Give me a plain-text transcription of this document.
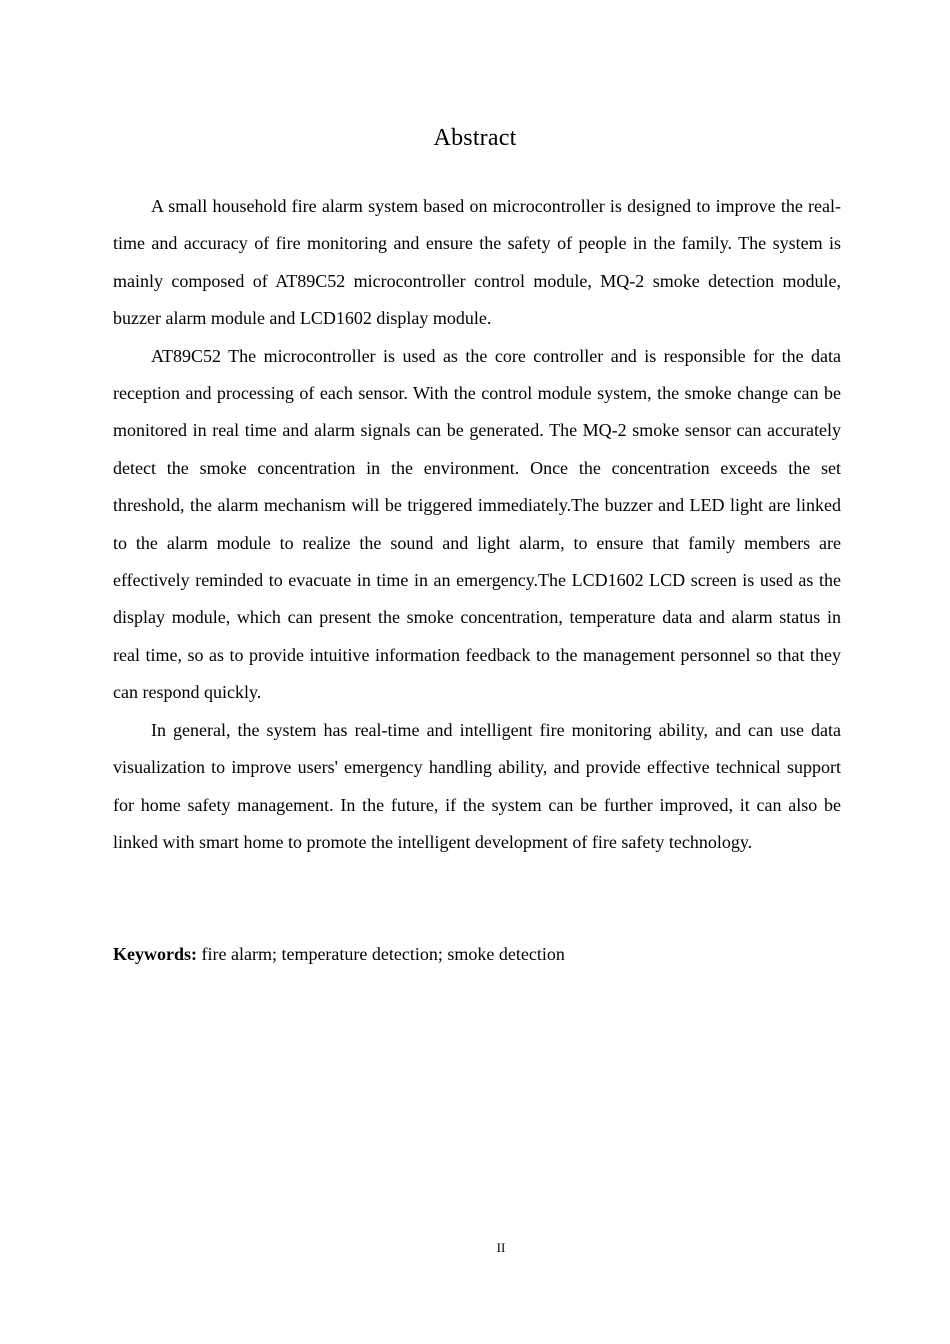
Abstract

A small household fire alarm system based on microcontroller is designed to improve the real-time and accuracy of fire monitoring and ensure the safety of people in the family. The system is mainly composed of AT89C52 microcontroller control module, MQ-2 smoke detection module, buzzer alarm module and LCD1602 display module.

AT89C52 The microcontroller is used as the core controller and is responsible for the data reception and processing of each sensor. With the control module system, the smoke change can be monitored in real time and alarm signals can be generated. The MQ-2 smoke sensor can accurately detect the smoke concentration in the environment. Once the concentration exceeds the set threshold, the alarm mechanism will be triggered immediately.The buzzer and LED light are linked to the alarm module to realize the sound and light alarm, to ensure that family members are effectively reminded to evacuate in time in an emergency.The LCD1602 LCD screen is used as the display module, which can present the smoke concentration, temperature data and alarm status in real time, so as to provide intuitive information feedback to the management personnel so that they can respond quickly.

In general, the system has real-time and intelligent fire monitoring ability, and can use data visualization to improve users' emergency handling ability, and provide effective technical support for home safety management. In the future, if the system can be further improved, it can also be linked with smart home to promote the intelligent development of fire safety technology.

Keywords: fire alarm; temperature detection; smoke detection

II
